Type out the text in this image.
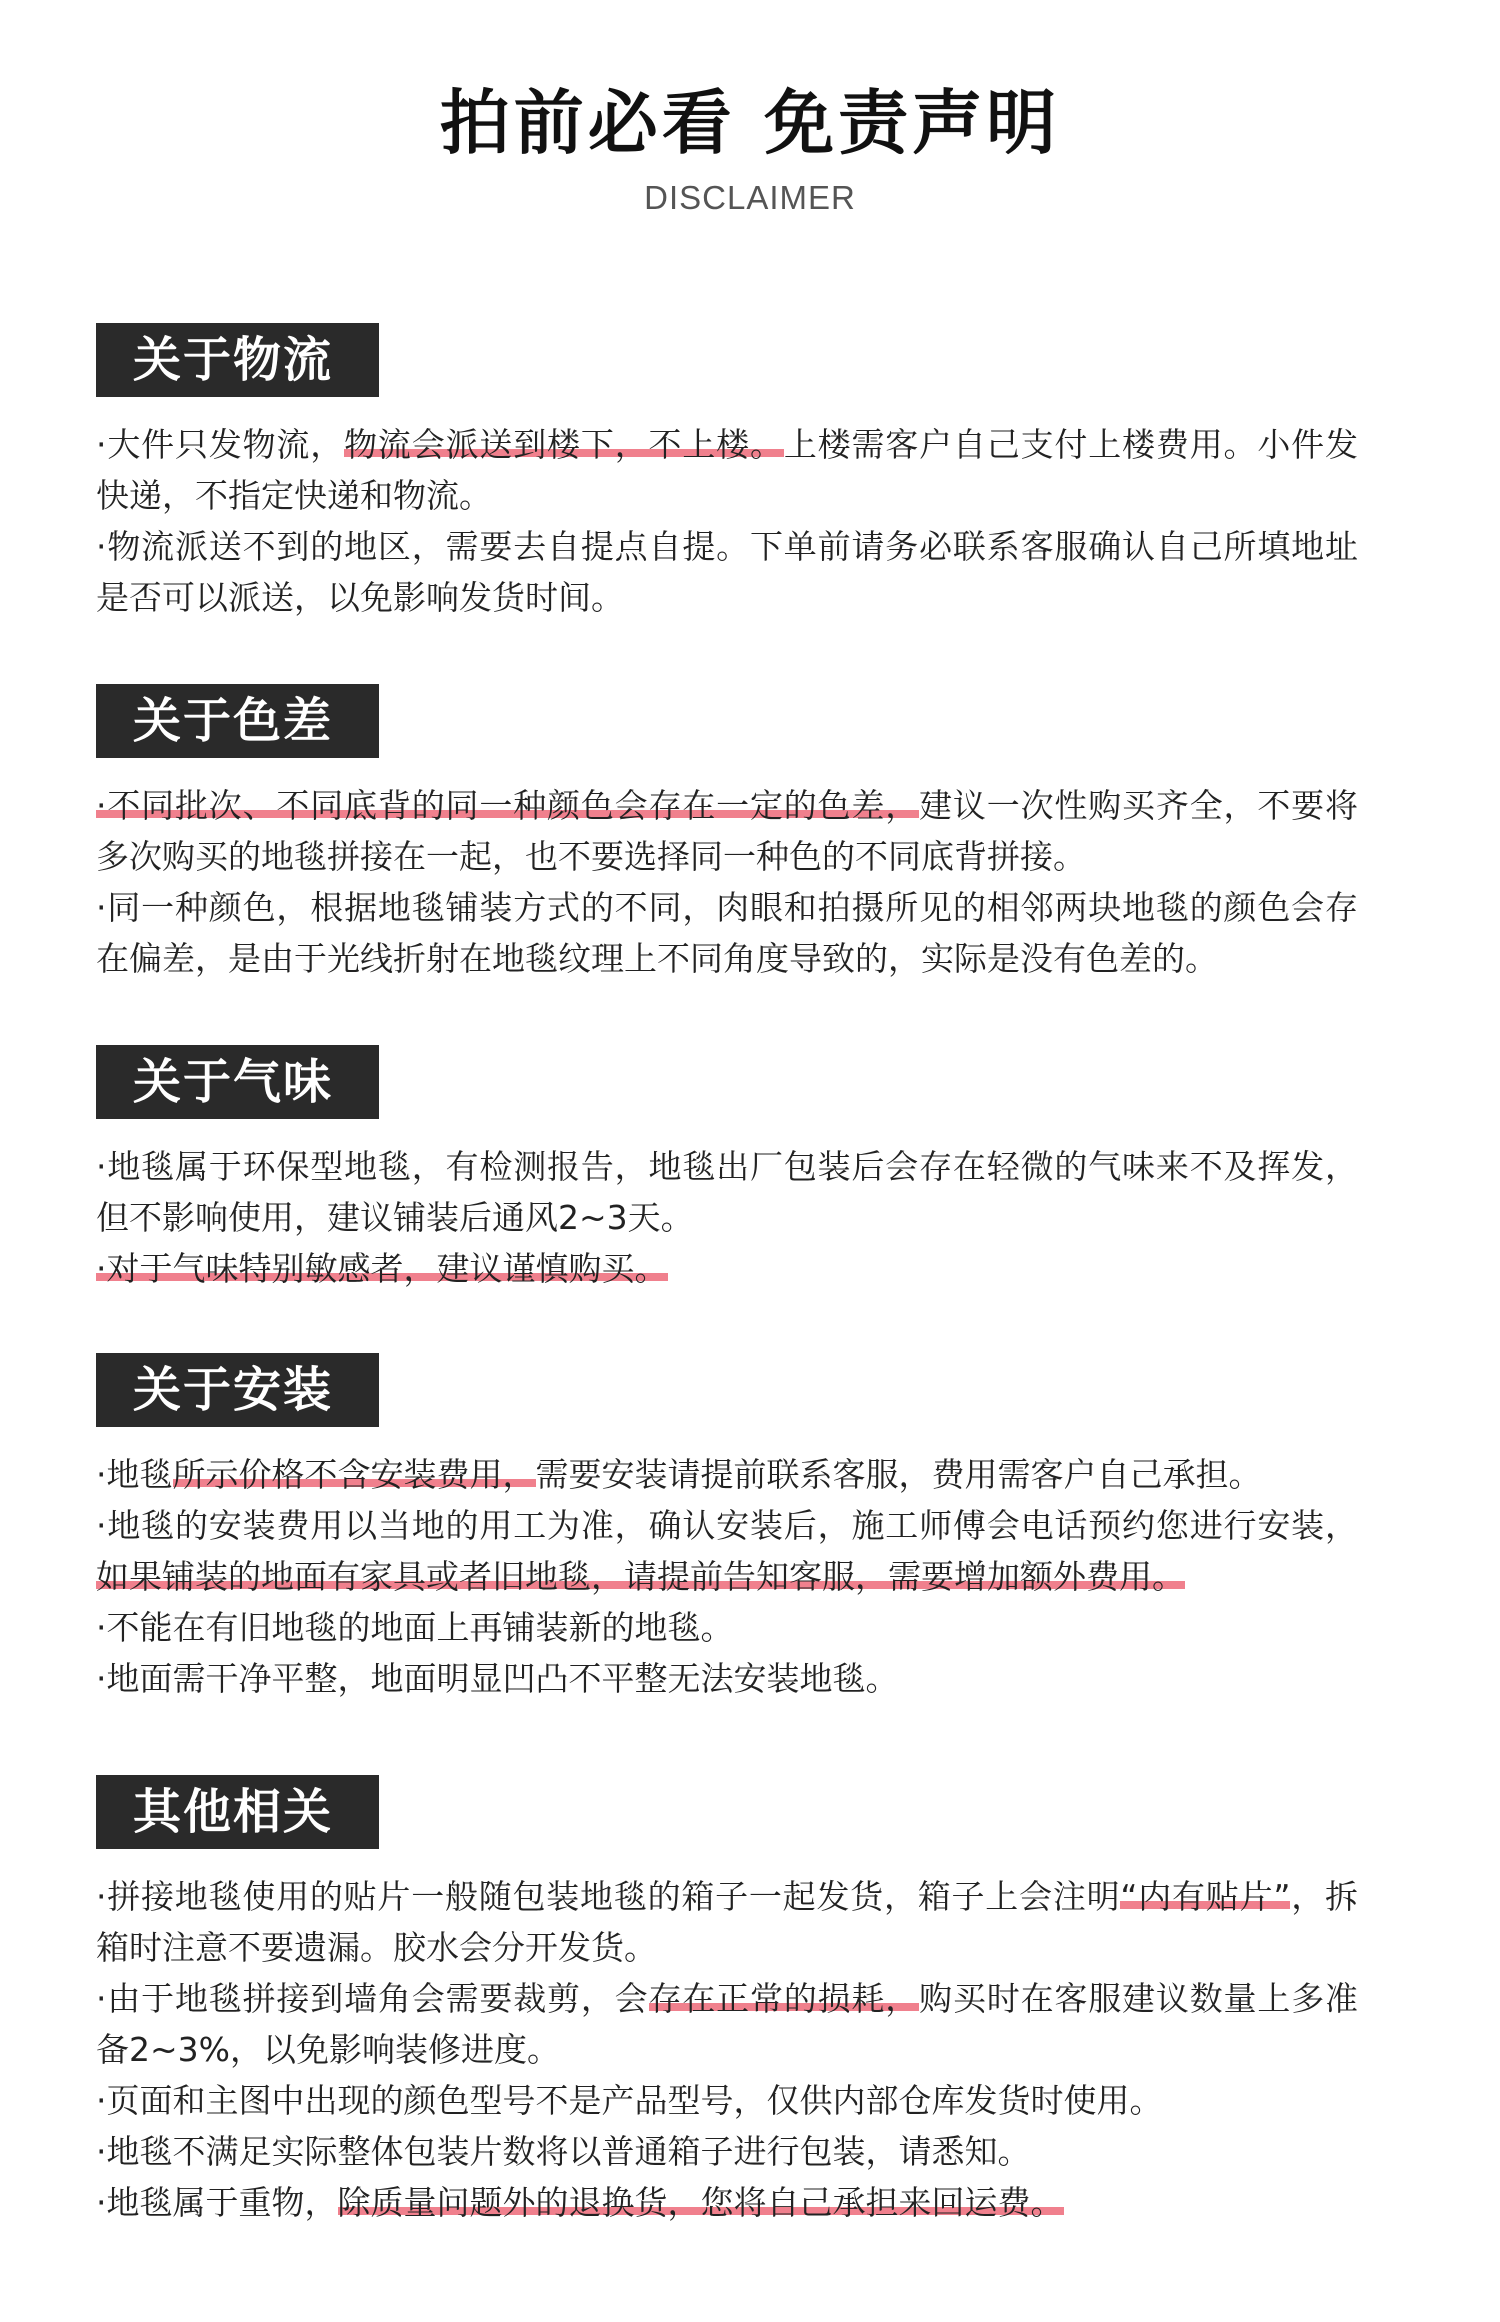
拍前必看 免责声明
DISCLAIMER
关于物流

·大件只发物流，物流会派送到楼下，不上楼。上楼需客户自己支付上楼费用。小件发快递，不指定快递和物流。

·物流派送不到的地区，需要去自提点自提。下单前请务必联系客服确认自己所填地址是否可以派送，以免影响发货时间。

关于色差

·不同批次、不同底背的同一种颜色会存在一定的色差，建议一次性购买齐全，不要将多次购买的地毯拼接在一起，也不要选择同一种色的不同底背拼接。

·同一种颜色，根据地毯铺装方式的不同，肉眼和拍摄所见的相邻两块地毯的颜色会存在偏差，是由于光线折射在地毯纹理上不同角度导致的，实际是没有色差的。

关于气味

·地毯属于环保型地毯，有检测报告，地毯出厂包装后会存在轻微的气味来不及挥发，但不影响使用，建议铺装后通风2~3天。

·对于气味特别敏感者，建议谨慎购买。

关于安装

·地毯所示价格不含安装费用，需要安装请提前联系客服，费用需客户自己承担。

·地毯的安装费用以当地的用工为准，确认安装后，施工师傅会电话预约您进行安装，如果铺装的地面有家具或者旧地毯，请提前告知客服，需要增加额外费用。

·不能在有旧地毯的地面上再铺装新的地毯。

·地面需干净平整，地面明显凹凸不平整无法安装地毯。

其他相关

·拼接地毯使用的贴片一般随包装地毯的箱子一起发货，箱子上会注明“内有贴片”，拆箱时注意不要遗漏。胶水会分开发货。

·由于地毯拼接到墙角会需要裁剪，会存在正常的损耗，购买时在客服建议数量上多准备2~3%，以免影响装修进度。

·页面和主图中出现的颜色型号不是产品型号，仅供内部仓库发货时使用。

·地毯不满足实际整体包装片数将以普通箱子进行包装，请悉知。

·地毯属于重物，除质量问题外的退换货，您将自己承担来回运费。
